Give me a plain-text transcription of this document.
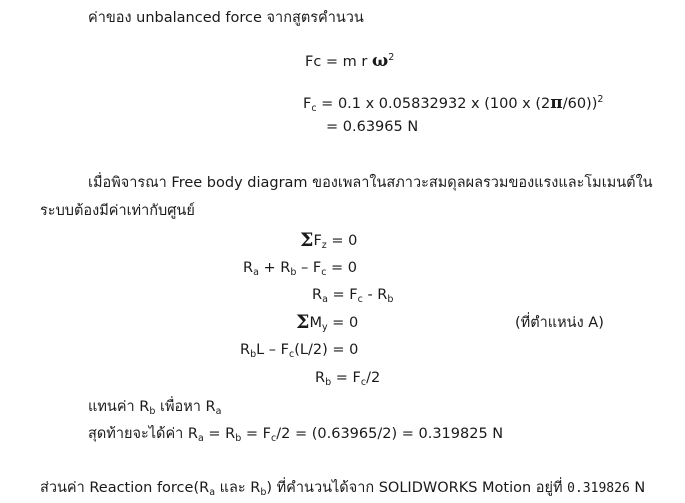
ค่าของ unbalanced force จากสูตรคำนวน
Fc = m r $\omega^2$
$F_c = 0.1$ x 0.05832932 x (100 x (2π/60))$^2$
= 0.63965 N
เมื่อพิจารณา Free body diagram ของเพลาในสภาวะสมดุลผลรวมของแรงและโมเมนต์ใน
ระบบต้องมีค่าเท่ากับศูนย์
$\Sigma F_z = 0$
$R_a + R_b - F_c = 0$
$R_a = F_c - R_b$
$\Sigma M_y = 0$	(ที่ตำแหน่ง A)
$R_bL - F_c(L/2) = 0$
$R_b = F_c/2$
แทนค่า $R_b$ เพื่อหา $R_a$
สุดท้ายจะได้ค่า $R_a = R_b = F_c/2 = (0.63965/2) = 0.319825$ N
ส่วนค่า Reaction $force(R_a$ และ $R_b$) ที่คำนวนได้จาก SOLIDWORKS Motion อยู่ที่ 0.319826 N
